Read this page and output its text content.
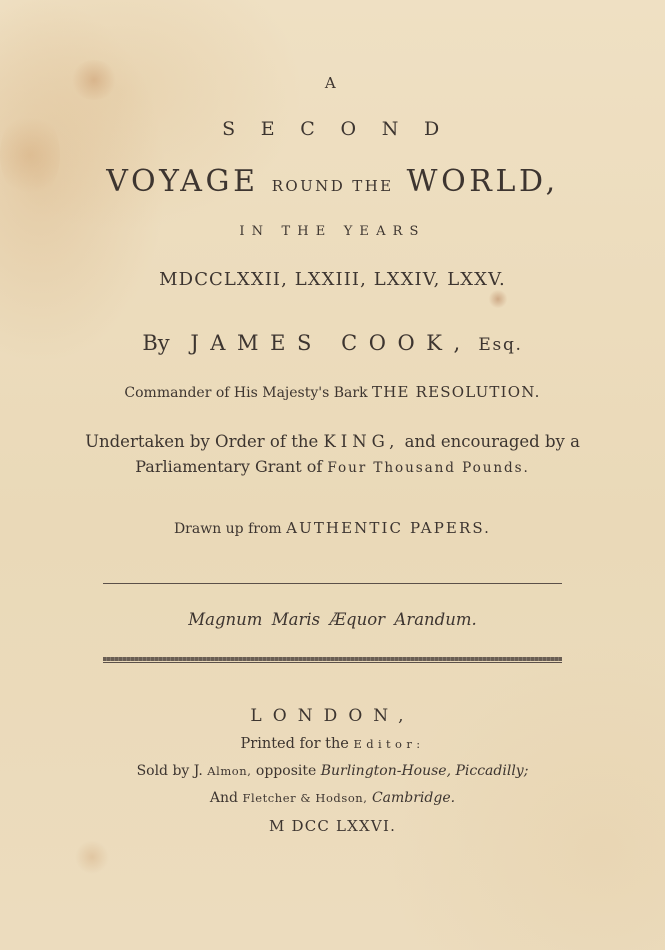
A
SECOND
VOYAGE ROUND THE WORLD,
IN THE YEARS
MDCCLXXII, LXXIII, LXXIV, LXXV.
By JAMES COOK, Esq.
Commander of His Majesty's Bark THE RESOLUTION.
Undertaken by Order of the KING, and encouraged by a
Parliamentary Grant of Four Thousand Pounds.
Drawn up from AUTHENTIC PAPERS.
Magnum Maris Æquor Arandum.
LONDON,
Printed for the Editor:
Sold by J. Almon, opposite Burlington-House, Piccadilly;
And Fletcher & Hodson, Cambridge.
M DCC LXXVI.
